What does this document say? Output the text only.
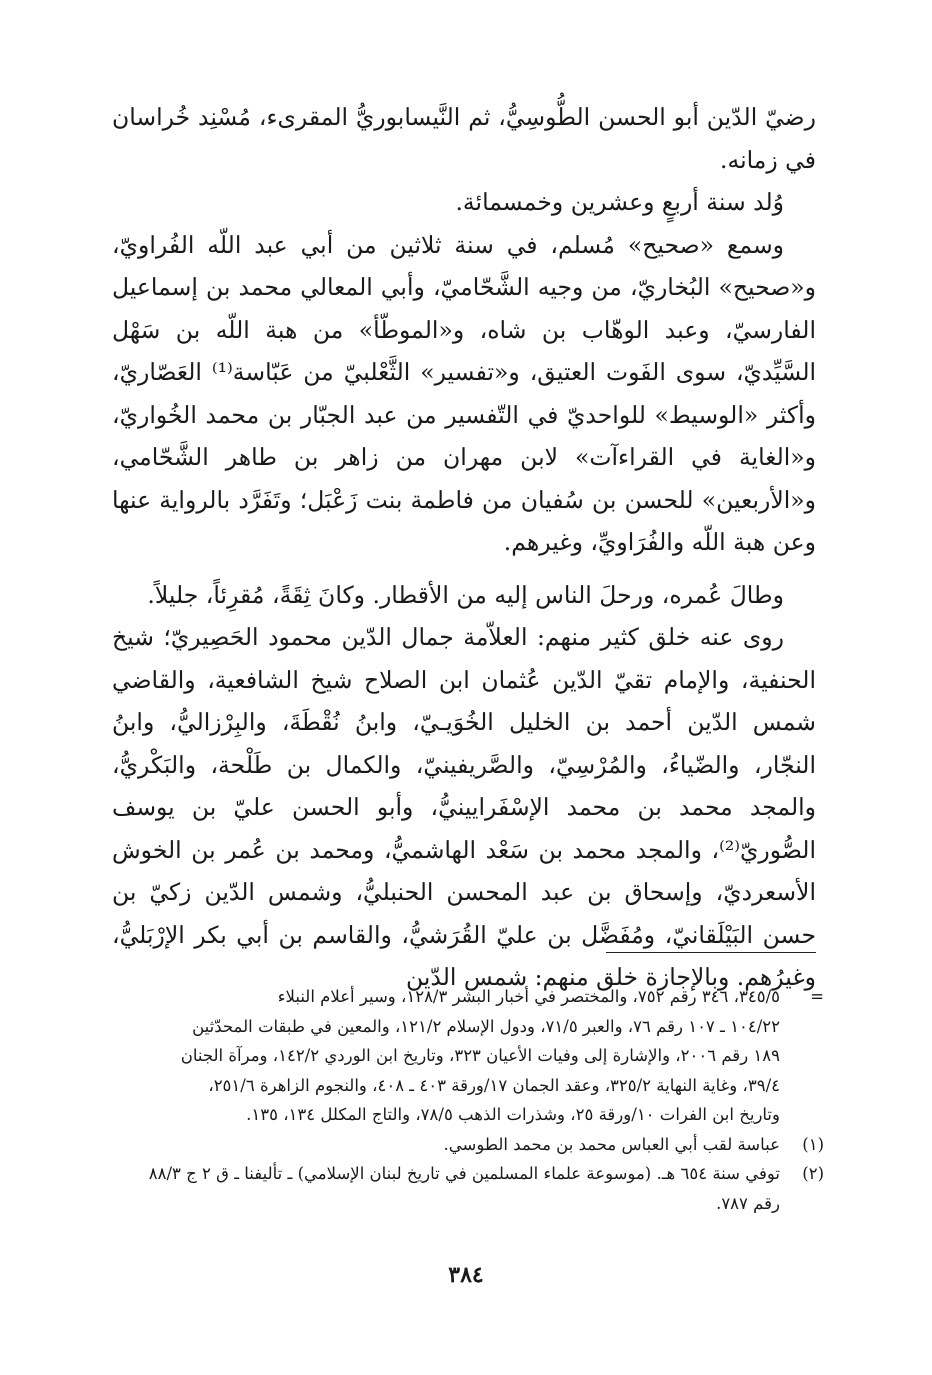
رضيّ الدّين أبو الحسن الطُّوسِيُّ، ثم النَّيسابوريُّ المقرىء، مُسْنِد خُراسان في زمانه.

وُلد سنة أربعٍ وعشرين وخمسمائة.

وسمع «صحيح» مُسلم، في سنة ثلاثين من أبي عبد اللّه الفُراويّ، و«صحيح» البُخاريّ، من وجيه الشَّحّاميّ، وأبي المعالي محمد بن إسماعيل الفارسيّ، وعبد الوهّاب بن شاه، و«الموطّأ» من هبة اللّه بن سَهْل السَّيِّديّ، سوى الفَوت العتيق، و«تفسير» الثَّعْلبيّ من عَبّاسة⁽¹⁾ العَصّاريّ، وأكثر «الوسيط» للواحديّ في التّفسير من عبد الجبّار بن محمد الخُواريّ، و«الغاية في القراءآت» لابن مهران من زاهر بن طاهر الشَّحّامي، و«الأربعين» للحسن بن سُفيان من فاطمة بنت زَعْبَل؛ وتَفَرَّد بالرواية عنها وعن هبة اللّه والفُرَاويِّ، وغيرهم.

وطالَ عُمره، ورحلَ الناس إليه من الأقطار. وكانَ ثِقَةً، مُقرِئاً، جليلاً.

روى عنه خلق كثير منهم: العلاّمة جمال الدّين محمود الحَصِيريّ؛ شيخ الحنفية، والإمام تقيّ الدّين عُثمان ابن الصلاح شيخ الشافعية، والقاضي شمس الدّين أحمد بن الخليل الخُوَيـيّ، وابنُ نُقْطَةَ، والبِرْزاليُّ، وابنُ النجّار، والضّياءُ، والمُرْسِيّ، والصَّريفينيّ، والكمال بن طَلْحة، والبَكْريُّ، والمجد محمد بن محمد الإسْفَرايينيُّ، وأبو الحسن عليّ بن يوسف الصُّوريّ⁽²⁾، والمجد محمد بن سَعْد الهاشميُّ، ومحمد بن عُمر بن الخوش الأسعرديّ، وإسحاق بن عبد المحسن الحنبليُّ، وشمس الدّين زكيّ بن حسن البَيْلَقانيّ، ومُفَضَّل بن عليّ القُرَشيُّ، والقاسم بن أبي بكر الإرْبَليُّ، وغيرُهم. وبالإجازة خلق منهم: شمس الدّين

=
٣٤٥/٥، ٣٤٦ رقم ٧٥٢، والمختصر في أخبار البشر ١٢٨/٣، وسير أعلام النبلاء
١٠٤/٢٢ ـ ١٠٧ رقم ٧٦، والعبر ٧١/٥، ودول الإسلام ١٢١/٢، والمعين في طبقات المحدّثين
١٨٩ رقم ٢٠٠٦، والإشارة إلى وفيات الأعيان ٣٢٣، وتاريخ ابن الوردي ١٤٢/٢، ومرآة الجنان
٣٩/٤، وغاية النهاية ٣٢٥/٢، وعقد الجمان ١٧/ورقة ٤٠٣ ـ ٤٠٨، والنجوم الزاهرة ٢٥١/٦،
وتاريخ ابن الفرات ١٠/ورقة ٢٥، وشذرات الذهب ٧٨/٥، والتاج المكلل ١٣٤، ١٣٥.
(١)
عباسة لقب أبي العباس محمد بن محمد الطوسي.
(٢)
توفي سنة ٦٥٤ هـ. (موسوعة علماء المسلمين في تاريخ لبنان الإسلامي) ـ تأليفنا ـ ق ٢ ج ٨٨/٣
رقم ٧٨٧.
٣٨٤
